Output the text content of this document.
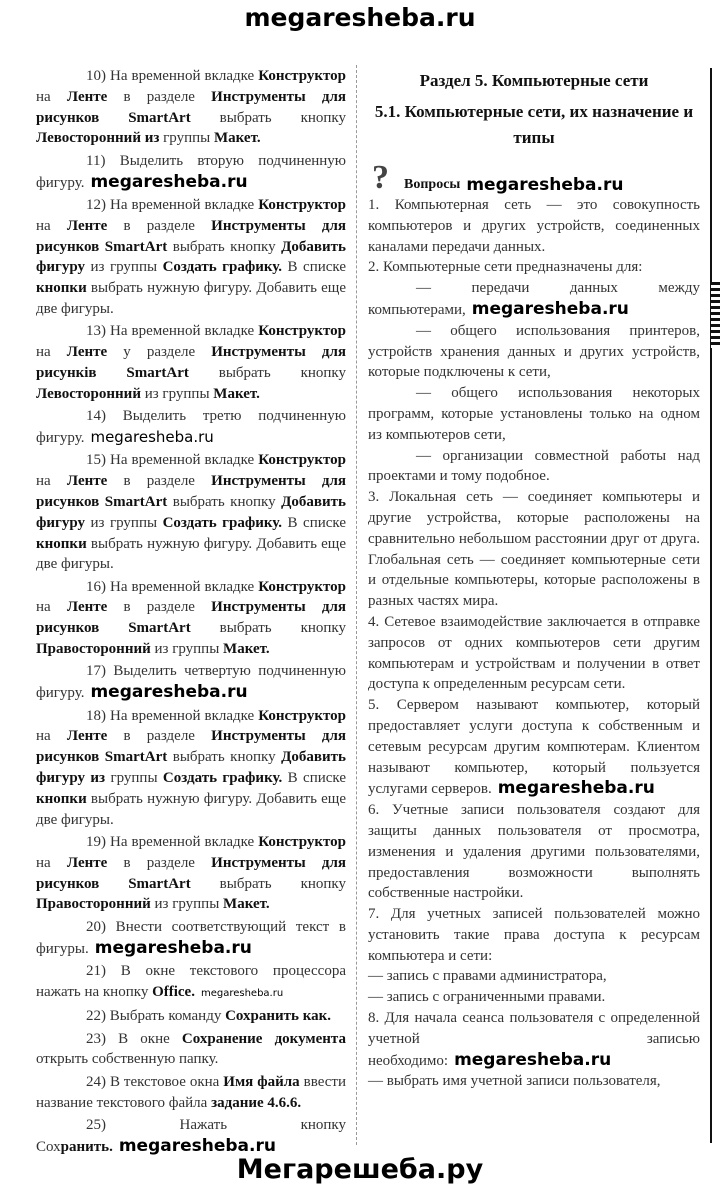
megaresheba.ru

10) На временной вкладке Конструктор на Ленте в разделе Инструменты для рисунков SmartArt выбрать кнопку Левосторонний из группы Макет.

11) Выделить вторую подчиненную фигуру. megaresheba.ru

12) На временной вкладке Конструктор на Ленте в разделе Инструменты для рисунков SmartArt выбрать кнопку Добавить фигуру из группы Создать графику. В списке кнопки выбрать нужную фигуру. Добавить еще две фигуры.

13) На временной вкладке Конструктор на Ленте у разделе Инструменты для рисунків SmartArt выбрать кнопку Левосторонний из группы Макет.

14) Выделить третю подчиненную фигуру. megaresheba.ru

15) На временной вкладке Конструктор на Ленте в разделе Инструменты для рисунков SmartArt выбрать кнопку Добавить фигуру из группы Создать графику. В списке кнопки выбрать нужную фигуру. Добавить еще две фигуры.

16) На временной вкладке Конструктор на Ленте в разделе Инструменты для рисунков SmartArt выбрать кнопку Правосторонний из группы Макет.

17) Выделить четвертую подчиненную фигуру. megaresheba.ru

18) На временной вкладке Конструктор на Ленте в разделе Инструменты для рисунков SmartArt выбрать кнопку Добавить фигуру из группы Создать графику. В списке кнопки выбрать нужную фигуру. Добавить еще две фигуры.

19) На временной вкладке Конструктор на Ленте в разделе Инструменты для рисунков SmartArt выбрать кнопку Правосторонний из группы Макет.

20) Внести соответствующий текст в фигуры. megaresheba.ru

21) В окне текстового процессора нажать на кнопку Office. megaresheba.ru

22) Выбрать команду Сохранить как.

23) В окне Сохранение документа открыть собственную папку.

24) В текстовое окна Имя файла ввести название текстового файла задание 4.6.6.

25) Нажать кнопку Сохранить. megaresheba.ru

Раздел 5. Компьютерные сети
5.1. Компьютерные сети, их назначение и типы
? Вопросы megaresheba.ru

1. Компьютерная сеть — это совокупность компьютеров и других устройств, соединенных каналами передачи данных.

2. Компьютерные сети предназначены для:

— передачи данных между компьютерами, megaresheba.ru

— общего использования принтеров, устройств хранения данных и других устройств, которые подключены к сети,

— общего использования некоторых программ, которые установлены только на одном из компьютеров сети,

— организации совместной работы над проектами и тому подобное.

3. Локальная сеть — соединяет компьютеры и другие устройства, которые расположены на сравнительно небольшом расстоянии друг от друга. Глобальная сеть — соединяет компьютерные сети и отдельные компьютеры, которые расположены в разных частях мира.

4. Сетевое взаимодействие заключается в отправке запросов от одних компьютеров сети другим компьютерам и устройствам и получении в ответ доступа к определенным ресурсам сети.

5. Сервером называют компьютер, который предоставляет услуги доступа к собственным и сетевым ресурсам другим компютерам. Клиентом называют компьютер, который пользуется услугами серверов. megaresheba.ru

6. Учетные записи пользователя создают для защиты данных пользователя от просмотра, изменения и удаления другими пользователями, предоставления возможности выполнять собственные настройки.

7. Для учетных записей пользователей можно установить такие права доступа к ресурсам компьютера и сети:

— запись с правами администратора,

— запись с ограниченными правами.

8. Для начала сеанса пользователя с определенной учетной записью необходимо: megaresheba.ru

— выбрать имя учетной записи пользователя,

Мегарешеба.ру
